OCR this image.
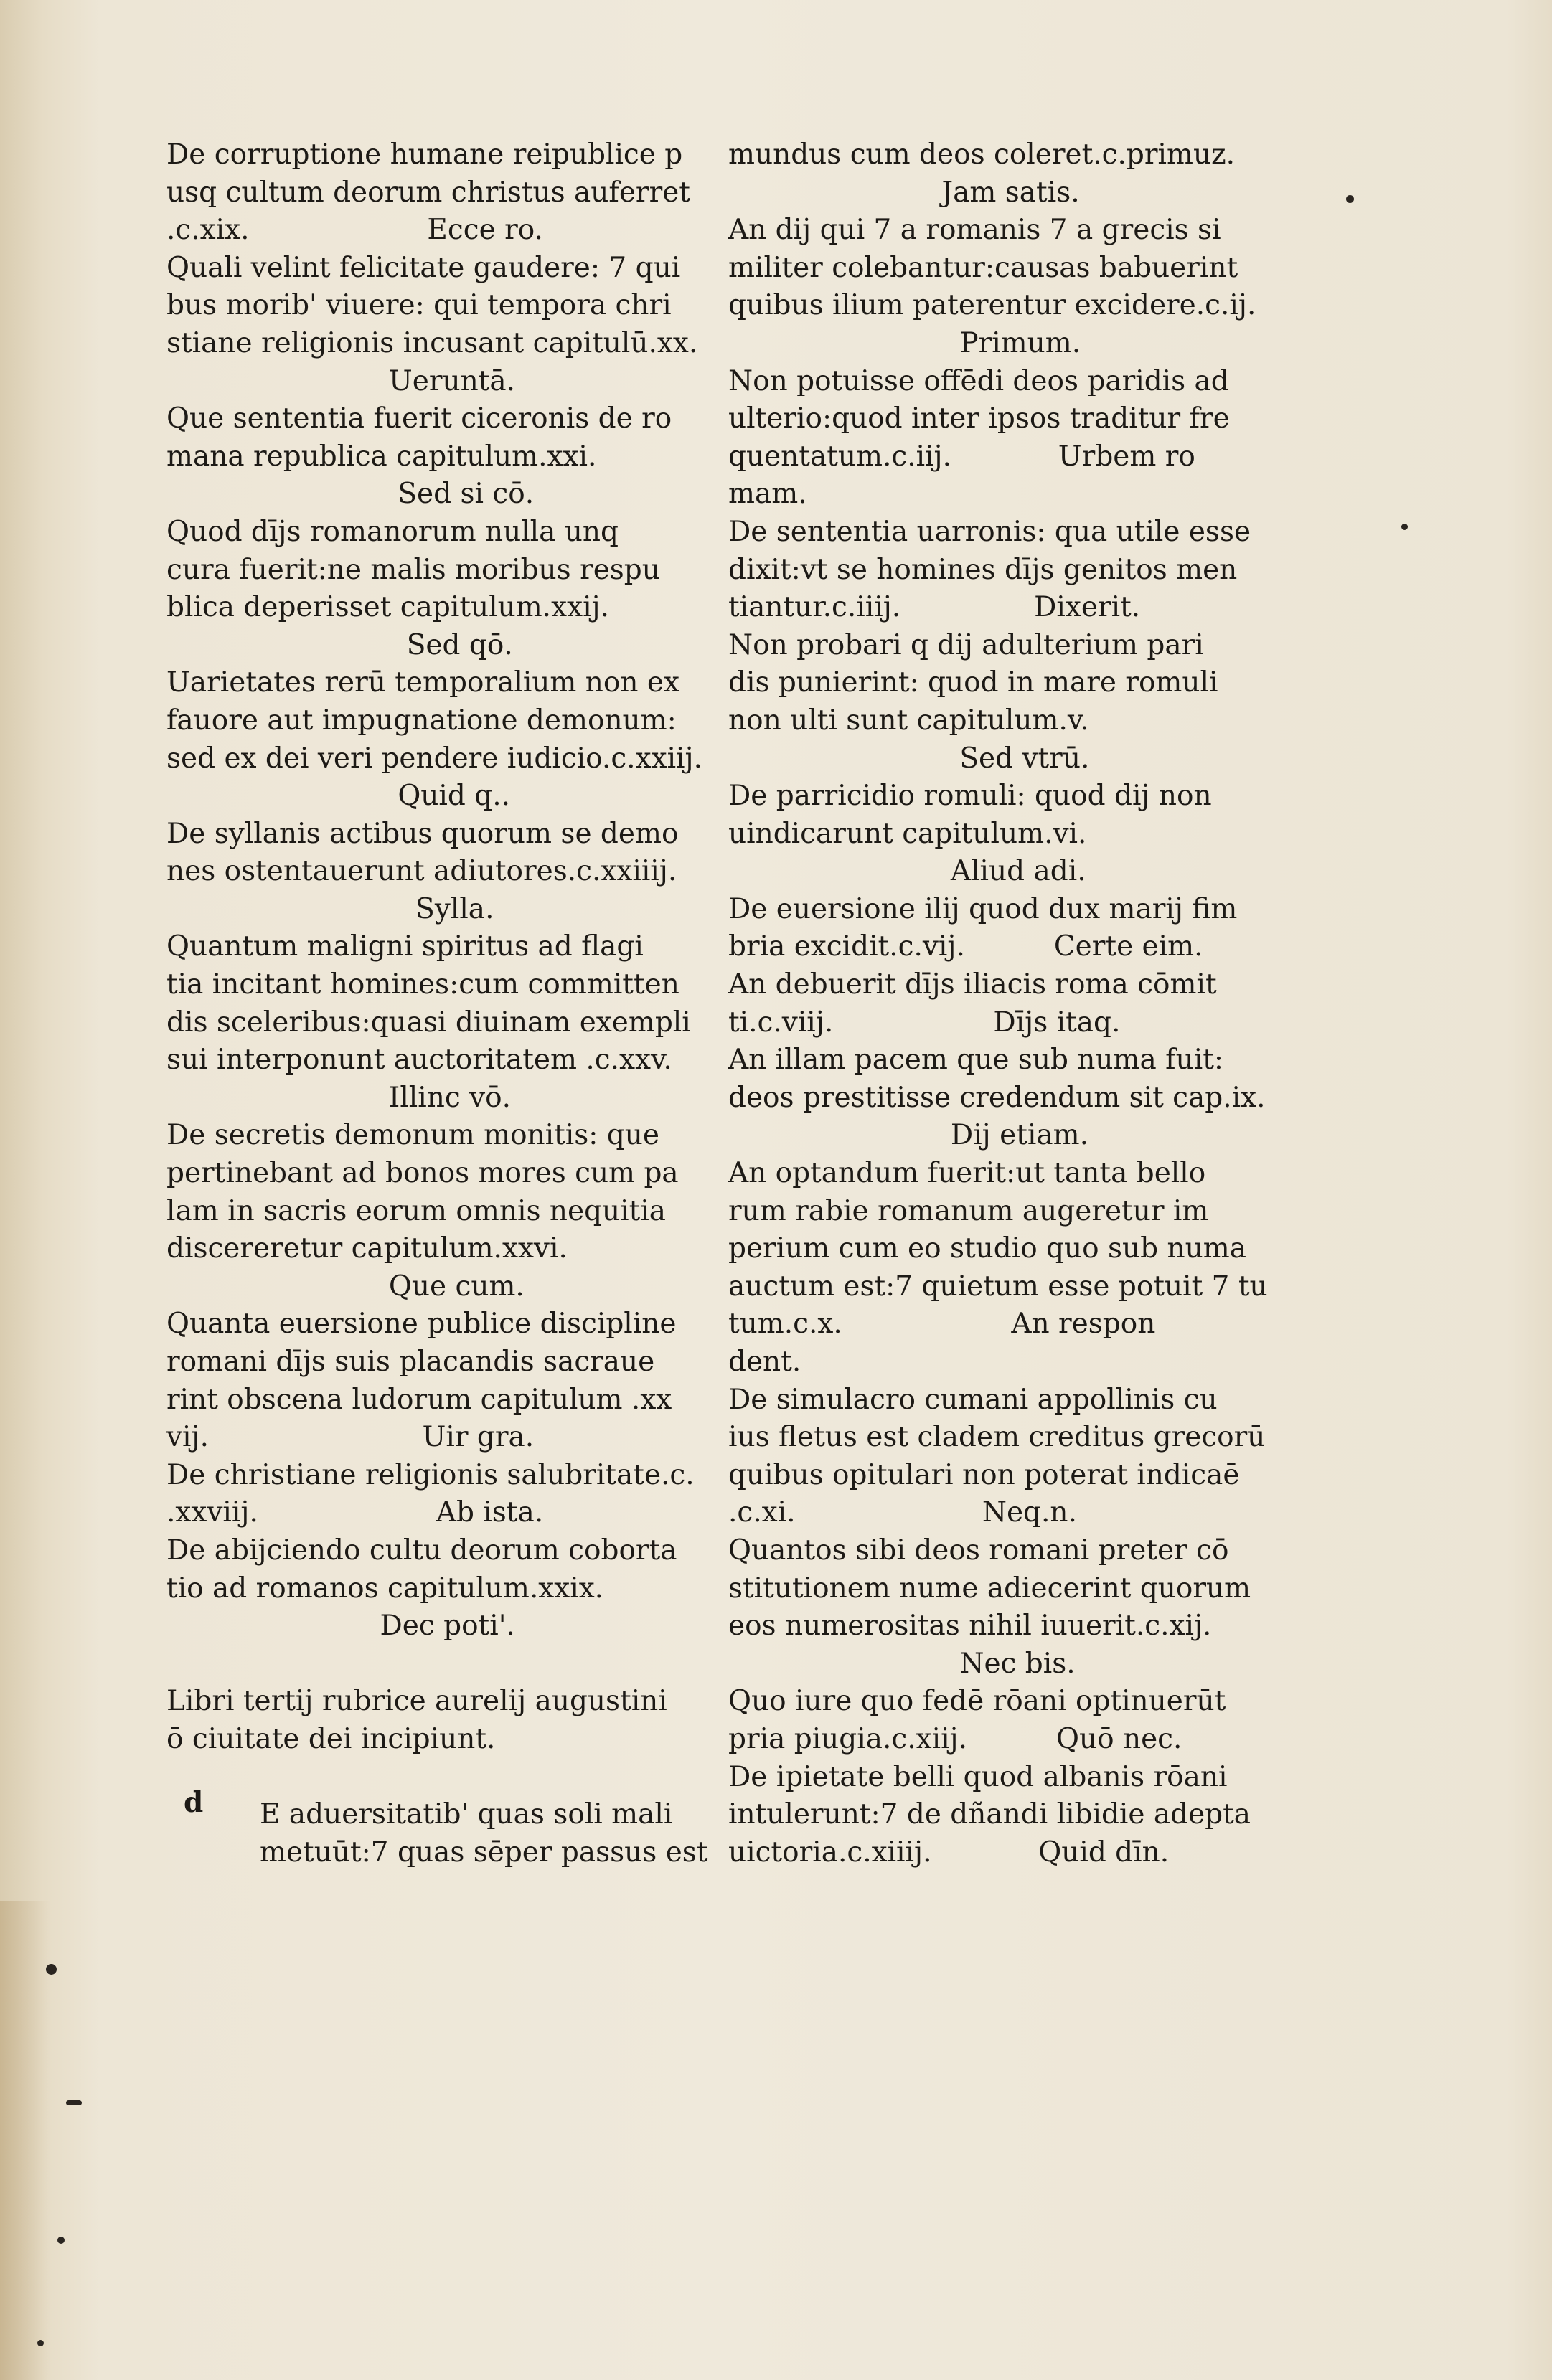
De corruptione humane reipublice p
usq cultum deorum christus auferret
.c.xix.                    Ecce ro.
Quali velint felicitate gaudere: 7 qui
bus morib' viuere: qui tempora chri
stiane religionis incusant capitulū.xx.
Ueruntā.
Que sententia fuerit ciceronis de ro
mana republica capitulum.xxi.
Sed si cō.
Quod dījs romanorum nulla unq
cura fuerit:ne malis moribus respu
blica deperisset capitulum.xxij.
Sed qō.
Uarietates rerū temporalium non ex
fauore aut impugnatione demonum:
sed ex dei veri pendere iudicio.c.xxiij.
Quid q..
De syllanis actibus quorum se demo
nes ostentauerunt adiutores.c.xxiiij.
Sylla.
Quantum maligni spiritus ad flagi
tia incitant homines:cum committen
dis sceleribus:quasi diuinam exempli
sui interponunt auctoritatem .c.xxv.
Illinc vō.
De secretis demonum monitis: que
pertinebant ad bonos mores cum pa
lam in sacris eorum omnis nequitia
discereretur capitulum.xxvi.
Que cum.
Quanta euersione publice discipline
romani dījs suis placandis sacraue
rint obscena ludorum capitulum .xx
vij.                        Uir gra.
De christiane religionis salubritate.c.
.xxviij.                    Ab ista.
De abijciendo cultu deorum coborta
tio ad romanos capitulum.xxix.
Dec poti'.
Libri tertij rubrice aurelij augustini
ō ciuitate dei incipiunt.
E aduersitatib' quas soli mali
metuūt:7 quas sēper passus est
d
mundus cum deos coleret.c.primuz.
Jam satis.
An dij qui 7 a romanis 7 a grecis si
militer colebantur:causas babuerint
quibus ilium paterentur excidere.c.ij.
Primum.
Non potuisse offēdi deos paridis ad
ulterio:quod inter ipsos traditur fre
quentatum.c.iij.            Urbem ro
mam.
De sententia uarronis: qua utile esse
dixit:vt se homines dījs genitos men
tiantur.c.iiij.               Dixerit.
Non probari q dij adulterium pari
dis punierint: quod in mare romuli
non ulti sunt capitulum.v.
Sed vtrū.
De parricidio romuli: quod dij non
uindicarunt capitulum.vi.
Aliud adi.
De euersione ilij quod dux marij fim
bria excidit.c.vij.          Certe eim.
An debuerit dījs iliacis roma cōmit
ti.c.viij.                  Dījs itaq.
An illam pacem que sub numa fuit:
deos prestitisse credendum sit cap.ix.
Dij etiam.
An optandum fuerit:ut tanta bello
rum rabie romanum augeretur im
perium cum eo studio quo sub numa
auctum est:7 quietum esse potuit 7 tu
tum.c.x.                   An respon
dent.
De simulacro cumani appollinis cu
ius fletus est cladem creditus grecorū
quibus opitulari non poterat indicaē
.c.xi.                     Neq.n.
Quantos sibi deos romani preter cō
stitutionem nume adiecerint quorum
eos numerositas nihil iuuerit.c.xij.
Nec bis.
Quo iure quo fedē rōani optinuerūt
pria piugia.c.xiij.          Quō nec.
De ipietate belli quod albanis rōani
intulerunt:7 de dñandi libidie adepta
uictoria.c.xiiij.            Quid dīn.
